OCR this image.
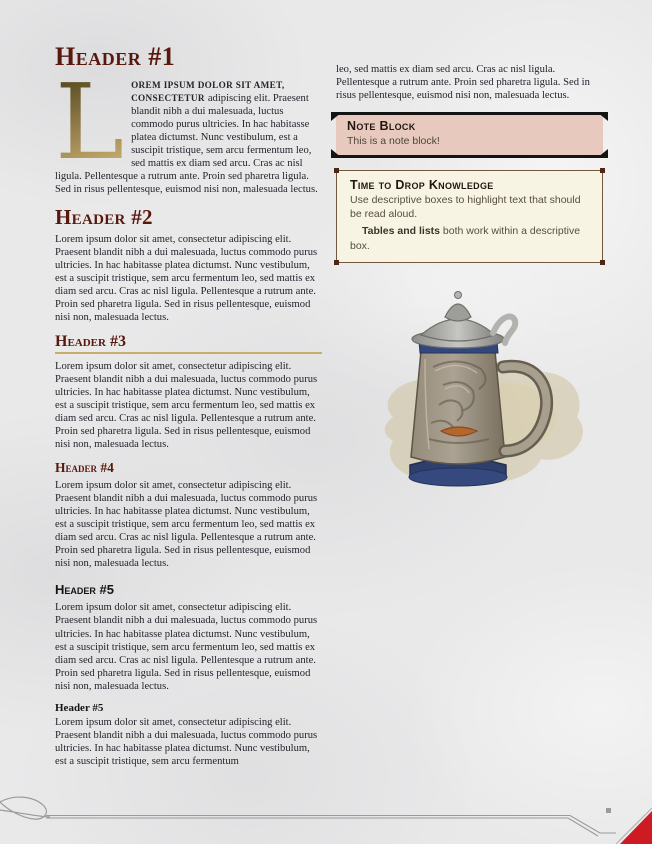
Header #1

L OREM IPSUM DOLOR SIT AMET, CONSECTETUR adipiscing elit. Praesent blandit nibh a dui malesuada, luctus commodo purus ultricies. In hac habitasse platea dictumst. Nunc vestibulum, est a suscipit tristique, sem arcu fermentum leo, sed mattis ex diam sed arcu. Cras ac nisl ligula. Pellentesque a rutrum ante. Proin sed pharetra ligula. Sed in risus pellentesque, euismod nisi non, malesuada lectus.

Header #2

Lorem ipsum dolor sit amet, consectetur adipiscing elit. Praesent blandit nibh a dui malesuada, luctus commodo purus ultricies. In hac habitasse platea dictumst. Nunc vestibulum, est a suscipit tristique, sem arcu fermentum leo, sed mattis ex diam sed arcu. Cras ac nisl ligula. Pellentesque a rutrum ante. Proin sed pharetra ligula. Sed in risus pellentesque, euismod nisi non, malesuada lectus.

Header #3

Lorem ipsum dolor sit amet, consectetur adipiscing elit. Praesent blandit nibh a dui malesuada, luctus commodo purus ultricies. In hac habitasse platea dictumst. Nunc vestibulum, est a suscipit tristique, sem arcu fermentum leo, sed mattis ex diam sed arcu. Cras ac nisl ligula. Pellentesque a rutrum ante. Proin sed pharetra ligula. Sed in risus pellentesque, euismod nisi non, malesuada lectus.

Header #4

Lorem ipsum dolor sit amet, consectetur adipiscing elit. Praesent blandit nibh a dui malesuada, luctus commodo purus ultricies. In hac habitasse platea dictumst. Nunc vestibulum, est a suscipit tristique, sem arcu fermentum leo, sed mattis ex diam sed arcu. Cras ac nisl ligula. Pellentesque a rutrum ante. Proin sed pharetra ligula. Sed in risus pellentesque, euismod nisi non, malesuada lectus.

Header #5

Lorem ipsum dolor sit amet, consectetur adipiscing elit. Praesent blandit nibh a dui malesuada, luctus commodo purus ultricies. In hac habitasse platea dictumst. Nunc vestibulum, est a suscipit tristique, sem arcu fermentum leo, sed mattis ex diam sed arcu. Cras ac nisl ligula. Pellentesque a rutrum ante. Proin sed pharetra ligula. Sed in risus pellentesque, euismod nisi non, malesuada lectus.

Header #5

Lorem ipsum dolor sit amet, consectetur adipiscing elit. Praesent blandit nibh a dui malesuada, luctus commodo purus ultricies. In hac habitasse platea dictumst. Nunc vestibulum, est a suscipit tristique, sem arcu fermentum

leo, sed mattis ex diam sed arcu. Cras ac nisl ligula. Pellentesque a rutrum ante. Proin sed pharetra ligula. Sed in risus pellentesque, euismod nisi non, malesuada lectus.

Note Block

This is a note block!

Time to Drop Knowledge

Use descriptive boxes to highlight text that should be read aloud.

Tables and lists both work within a descriptive box.
